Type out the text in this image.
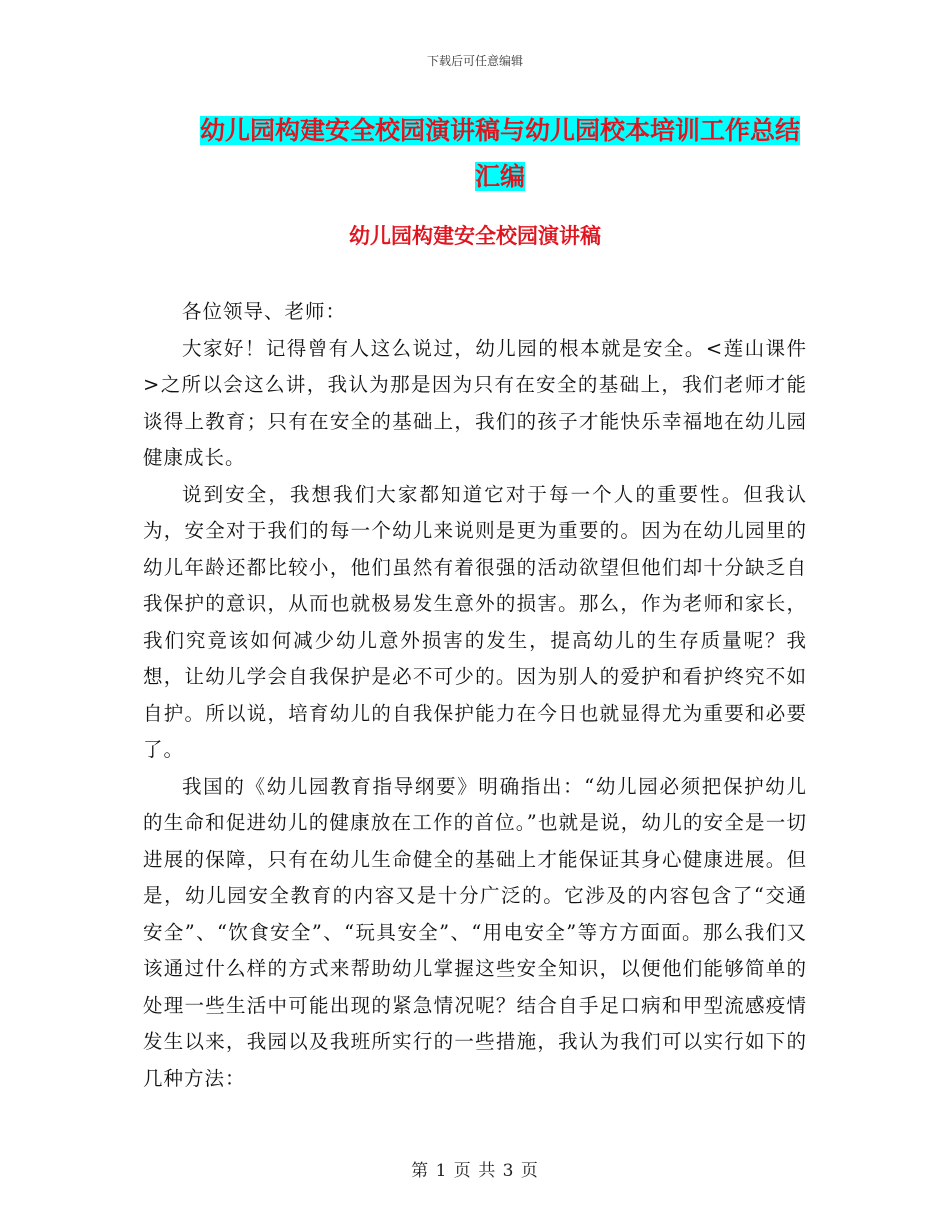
下载后可任意编辑
幼儿园构建安全校园演讲稿与幼儿园校本培训工作总结汇编
幼儿园构建安全校园演讲稿

各位领导、老师：

大家好！记得曾有人这么说过，幼儿园的根本就是安全。<莲山课件 >之所以会这么讲，我认为那是因为只有在安全的基础上，我们老师才能谈得上教育；只有在安全的基础上，我们的孩子才能快乐幸福地在幼儿园健康成长。

说到安全，我想我们大家都知道它对于每一个人的重要性。但我认为，安全对于我们的每一个幼儿来说则是更为重要的。因为在幼儿园里的幼儿年龄还都比较小，他们虽然有着很强的活动欲望但他们却十分缺乏自我保护的意识，从而也就极易发生意外的损害。那么，作为老师和家长，我们究竟该如何减少幼儿意外损害的发生，提高幼儿的生存质量呢？我想，让幼儿学会自我保护是必不可少的。因为别人的爱护和看护终究不如自护。所以说，培育幼儿的自我保护能力在今日也就显得尤为重要和必要了。

我国的《幼儿园教育指导纲要》明确指出：“幼儿园必须把保护幼儿的生命和促进幼儿的健康放在工作的首位。”也就是说，幼儿的安全是一切进展的保障，只有在幼儿生命健全的基础上才能保证其身心健康进展。但是，幼儿园安全教育的内容又是十分广泛的。它涉及的内容包含了“交通安全”、“饮食安全”、“玩具安全”、“用电安全”等方方面面。那么我们又该通过什么样的方式来帮助幼儿掌握这些安全知识，以便他们能够简单的处理一些生活中可能出现的紧急情况呢？结合自手足口病和甲型流感疫情发生以来，我园以及我班所实行的一些措施，我认为我们可以实行如下的几种方法：

第 1 页 共 3 页
